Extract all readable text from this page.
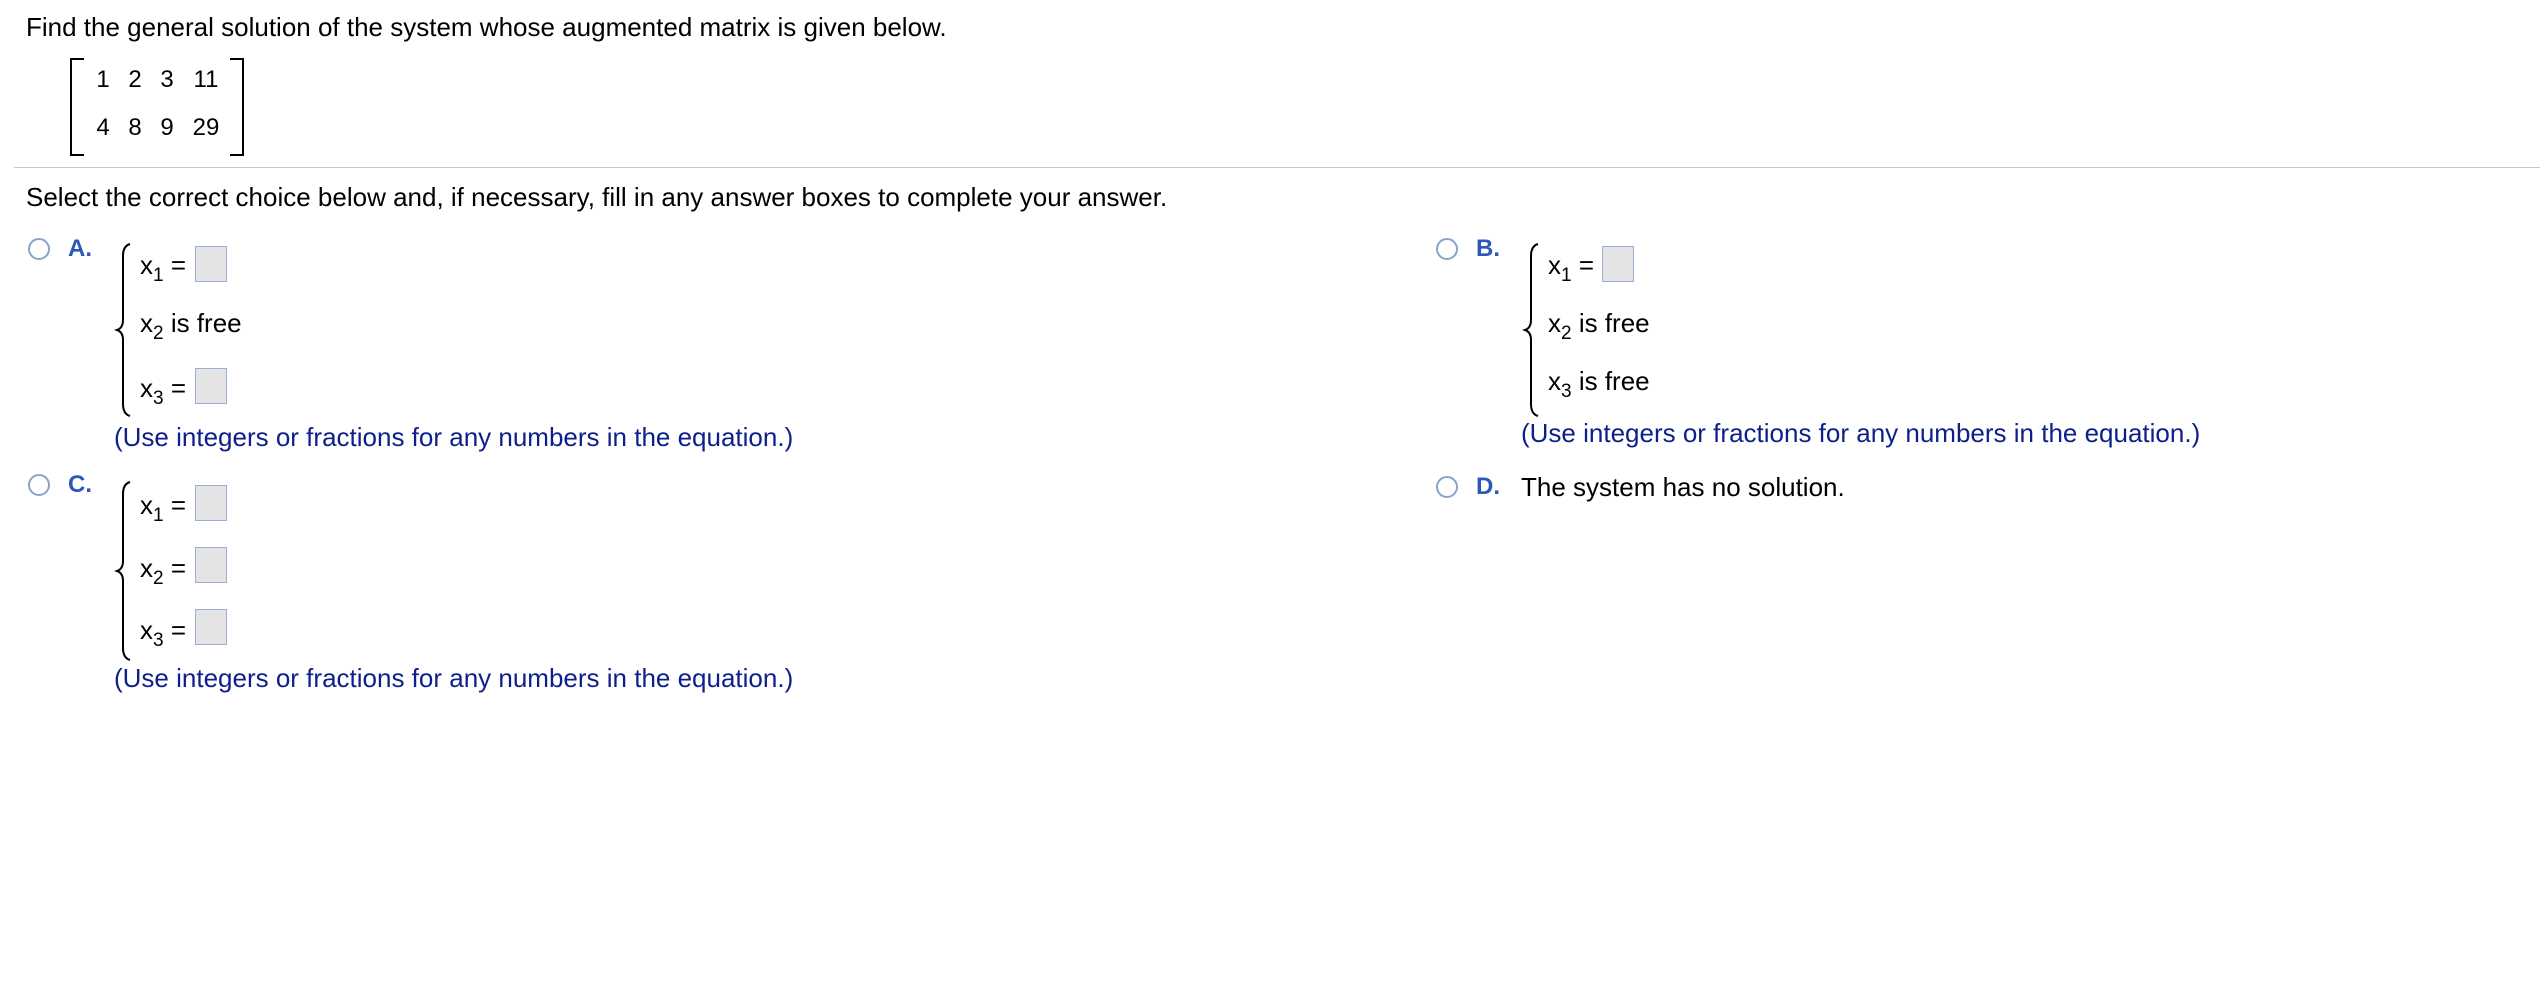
Find the general solution of the system whose augmented matrix is given below.
1 2 3 11
4 8 9 29
Select the correct choice below and, if necessary, fill in any answer boxes to complete your answer.
A.
$x_1$ =
$x_2$ is free
$x_3$ =
(Use integers or fractions for any numbers in the equation.)
B.
$x_1$ =
$x_2$ is free
$x_3$ is free
(Use integers or fractions for any numbers in the equation.)
C.
$x_1$ =
$x_2$ =
$x_3$ =
(Use integers or fractions for any numbers in the equation.)
D. The system has no solution.
